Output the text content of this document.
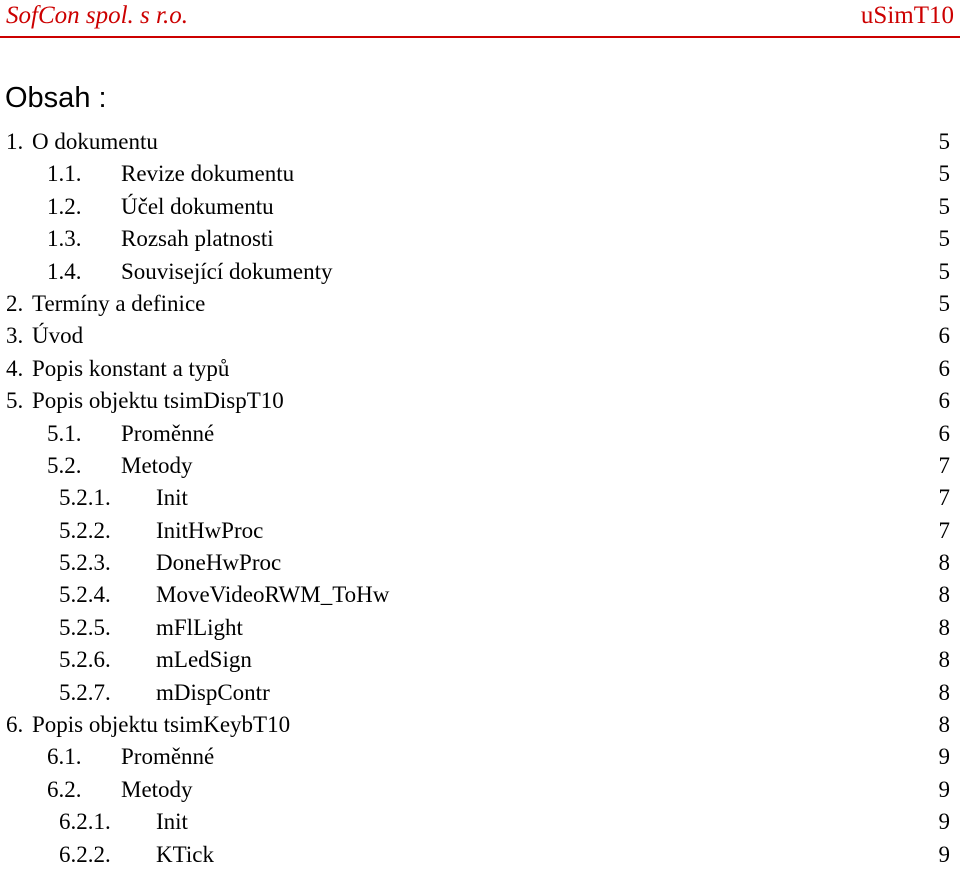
SofCon spol. s r.o.	uSimT10
Obsah :
1. O dokumentu	5
1.1. Revize dokumentu	5
1.2. Účel dokumentu	5
1.3. Rozsah platnosti	5
1.4. Související dokumenty	5
2. Termíny a definice	5
3. Úvod	6
4. Popis konstant a typů	6
5. Popis objektu tsimDispT10	6
5.1. Proměnné	6
5.2. Metody	7
5.2.1. Init	7
5.2.2. InitHwProc	7
5.2.3. DoneHwProc	8
5.2.4. MoveVideoRWM_ToHw	8
5.2.5. mFlLight	8
5.2.6. mLedSign	8
5.2.7. mDispContr	8
6. Popis objektu tsimKeybT10	8
6.1. Proměnné	9
6.2. Metody	9
6.2.1. Init	9
6.2.2. KTick	9
